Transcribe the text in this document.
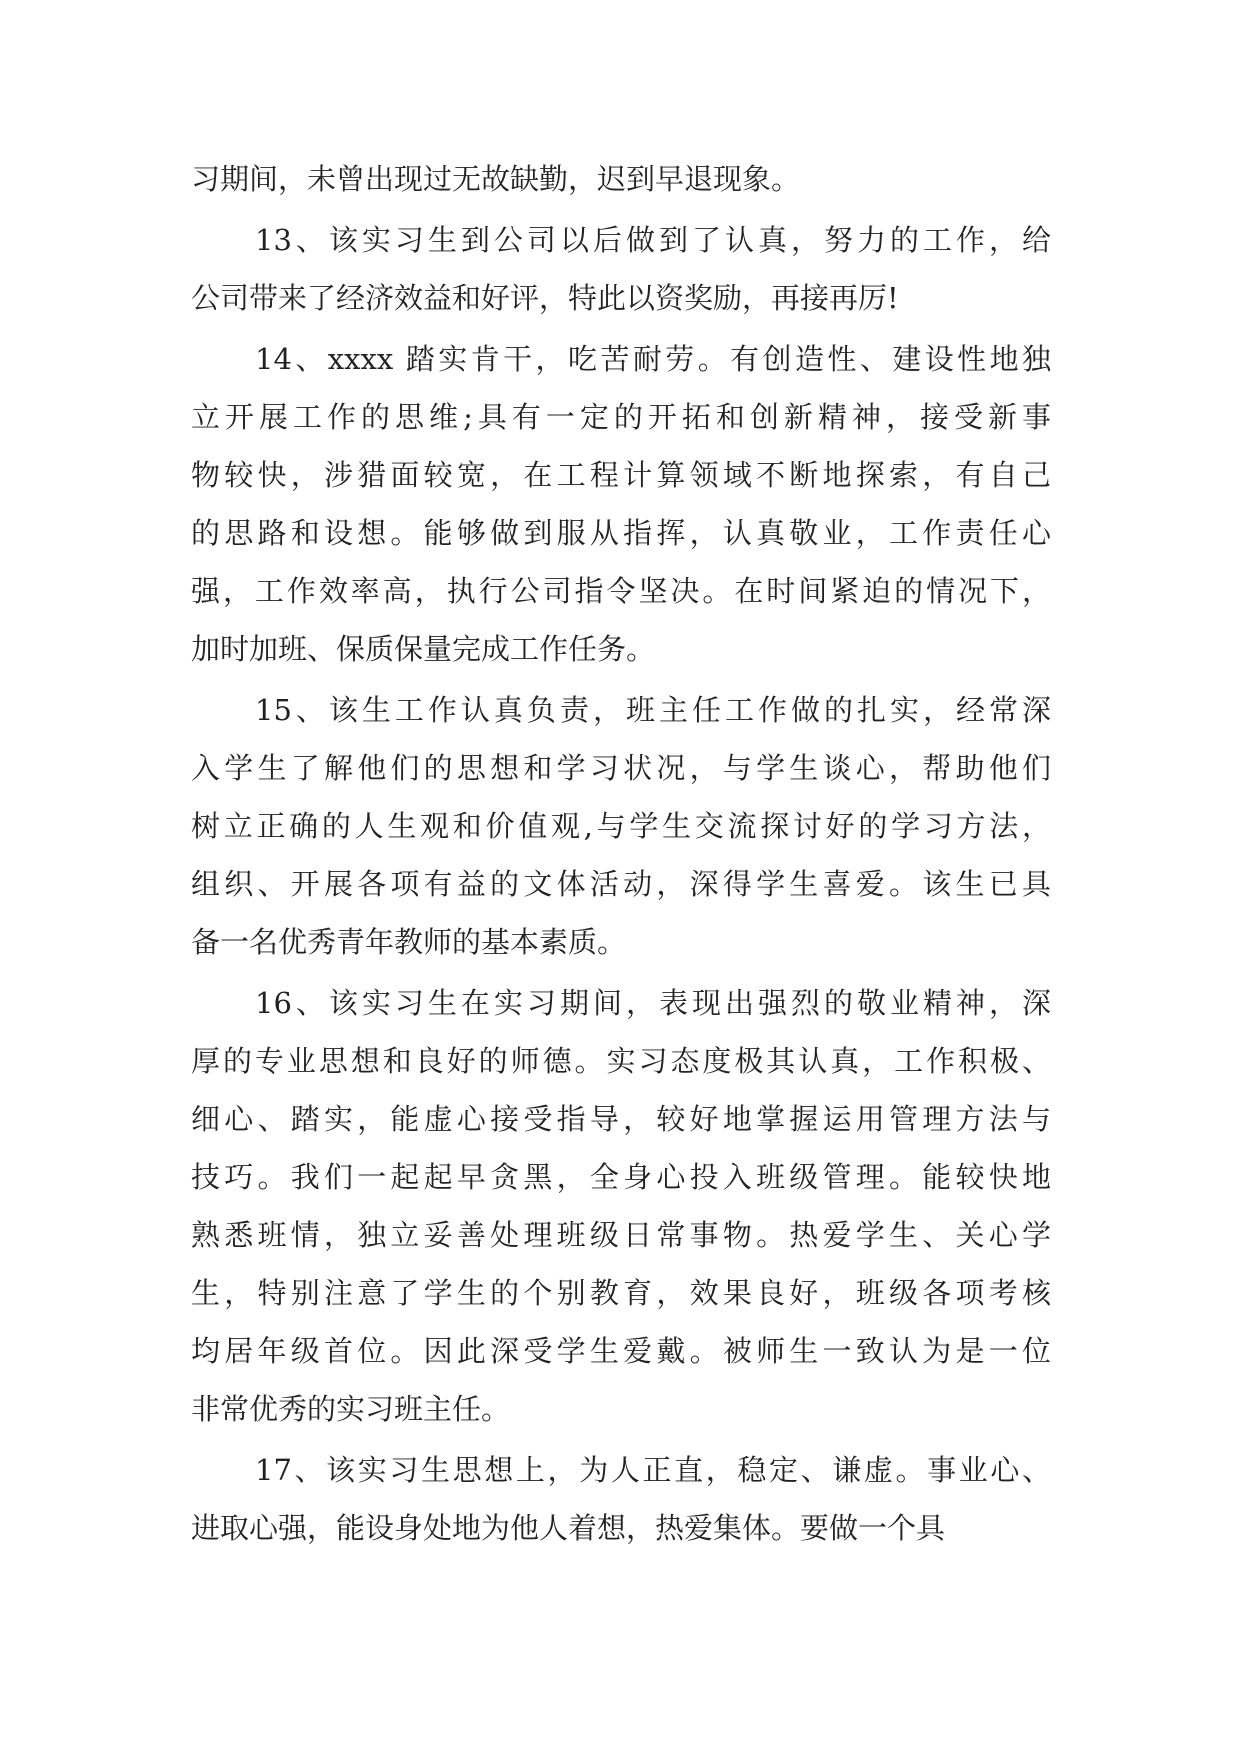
习期间，未曾出现过无故缺勤，迟到早退现象。
13、该实习生到公司以后做到了认真，努力的工作，给
公司带来了经济效益和好评，特此以资奖励，再接再厉!
14、xxxx 踏实肯干，吃苦耐劳。有创造性、建设性地独
立开展工作的思维;具有一定的开拓和创新精神，接受新事
物较快，涉猎面较宽，在工程计算领域不断地探索，有自己
的思路和设想。能够做到服从指挥，认真敬业，工作责任心
强，工作效率高，执行公司指令坚决。在时间紧迫的情况下，
加时加班、保质保量完成工作任务。
15、该生工作认真负责，班主任工作做的扎实，经常深
入学生了解他们的思想和学习状况，与学生谈心，帮助他们
树立正确的人生观和价值观,与学生交流探讨好的学习方法，
组织、开展各项有益的文体活动，深得学生喜爱。该生已具
备一名优秀青年教师的基本素质。
16、该实习生在实习期间，表现出强烈的敬业精神，深
厚的专业思想和良好的师德。实习态度极其认真，工作积极、
细心、踏实，能虚心接受指导，较好地掌握运用管理方法与
技巧。我们一起起早贪黑，全身心投入班级管理。能较快地
熟悉班情，独立妥善处理班级日常事物。热爱学生、关心学
生，特别注意了学生的个别教育，效果良好，班级各项考核
均居年级首位。因此深受学生爱戴。被师生一致认为是一位
非常优秀的实习班主任。
17、该实习生思想上，为人正直，稳定、谦虚。事业心、
进取心强，能设身处地为他人着想，热爱集体。要做一个具
